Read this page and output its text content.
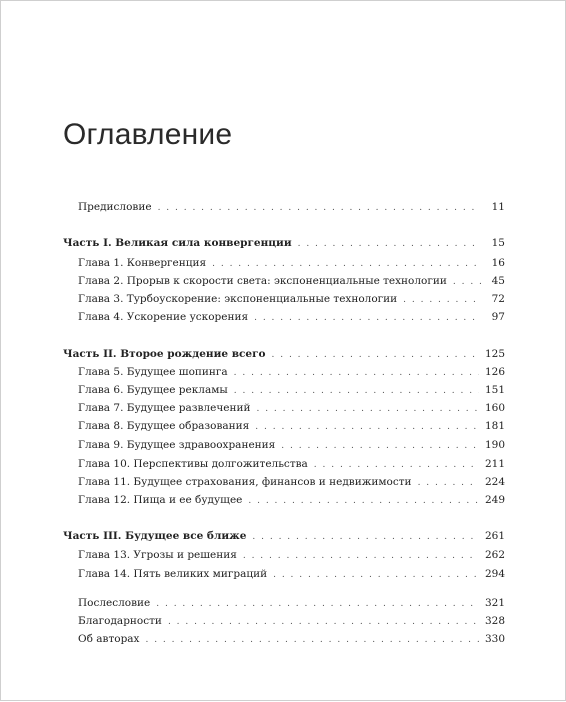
Оглавление
Предисловие . . .	11
Часть I. Великая сила конвергенции . . .	15
Глава 1. Конвергенция . . .	16
Глава 2. Прорыв к скорости света: экспоненциальные технологии . . .	45
Глава 3. Турбоускорение: экспоненциальные технологии . . .	72
Глава 4. Ускорение ускорения . . .	97
Часть II. Второе рождение всего . . .	125
Глава 5. Будущее шопинга . . .	126
Глава 6. Будущее рекламы . . .	151
Глава 7. Будущее развлечений . . .	160
Глава 8. Будущее образования . . .	181
Глава 9. Будущее здравоохранения . . .	190
Глава 10. Перспективы долгожительства . . .	211
Глава 11. Будущее страхования, финансов и недвижимости . . .	224
Глава 12. Пища и ее будущее . . .	249
Часть III. Будущее все ближе . . .	261
Глава 13. Угрозы и решения . . .	262
Глава 14. Пять великих миграций . . .	294
Послесловие . . .	321
Благодарности . . .	328
Об авторах . . .	330
